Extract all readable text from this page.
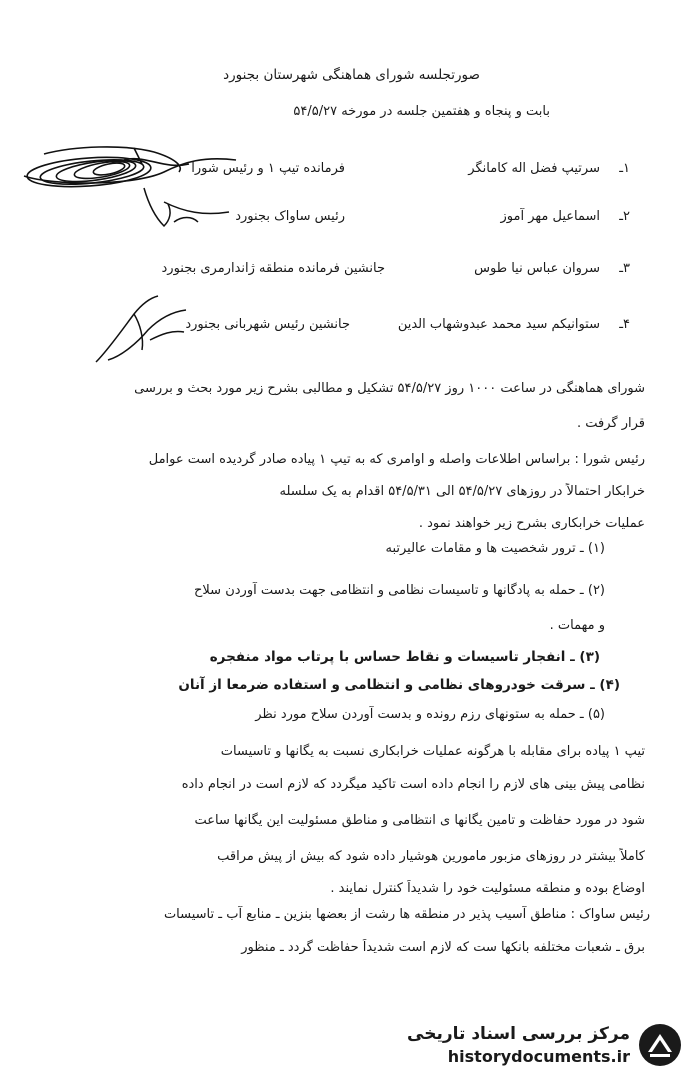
صورتجلسه شورای هماهنگی شهرستان بجنورد
بابت و پنجاه و هفتمین جلسه در مورخه ۵۴/۵/۲۷
۱ـ
سرتیپ فضل اله کامانگر
فرمانده تیپ ۱ و رئیس شورا
۲ـ
اسماعیل مهر آموز
رئیس ساواک بجنورد
۳ـ
سروان عباس نیا طوس
جانشین فرمانده منطقه ژاندارمری بجنورد
۴ـ
ستوانیکم سید محمد عبدوشهاب الدین
جانشین رئیس شهربانی بجنورد
شورای هماهنگی در ساعت ۱۰۰۰ روز ۵۴/۵/۲۷ تشکیل و مطالبی بشرح زیر مورد بحث و بررسی
قرار گرفت .
رئیس شورا : براساس اطلاعات واصله و اوامری که به تیپ ۱ پیاده صادر گردیده است عوامل
خرابکار احتمالاً در روزهای ۵۴/۵/۲۷ الی ۵۴/۵/۳۱ اقدام به یک سلسله
عملیات خرابکاری بشرح زیر خواهند نمود .
(۱) ـ ترور شخصیت ها و مقامات عالیرتبه
(۲) ـ حمله به پادگانها و تاسیسات نظامی و انتظامی جهت بدست آوردن سلاح
و مهمات .
(۳) ـ انفجار تاسیسات و نقاط حساس با پرتاب مواد منفجره
(۴) ـ سرقت خودروهای نظامی و انتظامی و استفاده ضرمعا از آنان
(۵) ـ حمله به ستونهای رزم رونده و بدست آوردن سلاح مورد نظر
تیپ ۱ پیاده برای مقابله با هرگونه عملیات خرابکاری نسبت به یگانها و تاسیسات
نظامی پیش بینی های لازم را انجام داده است تاکید میگردد که لازم است در انجام داده
شود در مورد حفاظت و تامین یگانها ی انتظامی و مناطق مسئولیت این یگانها ساعت
کاملاً بیشتر در روزهای مزبور مامورین هوشیار داده شود که بیش از پیش مراقب
اوضاع بوده و منطقه مسئولیت خود را شدیداً کنترل نمایند .
رئیس ساواک : مناطق آسیب پذیر در منطقه ها رشت از بعضها بنزین ـ منابع آب ـ تاسیسات
برق ـ شعبات مختلفه بانکها ست که لازم است شدیداً حفاظت گردد ـ منظور
مرکز بررسی اسناد تاریخی
historydocuments.ir
